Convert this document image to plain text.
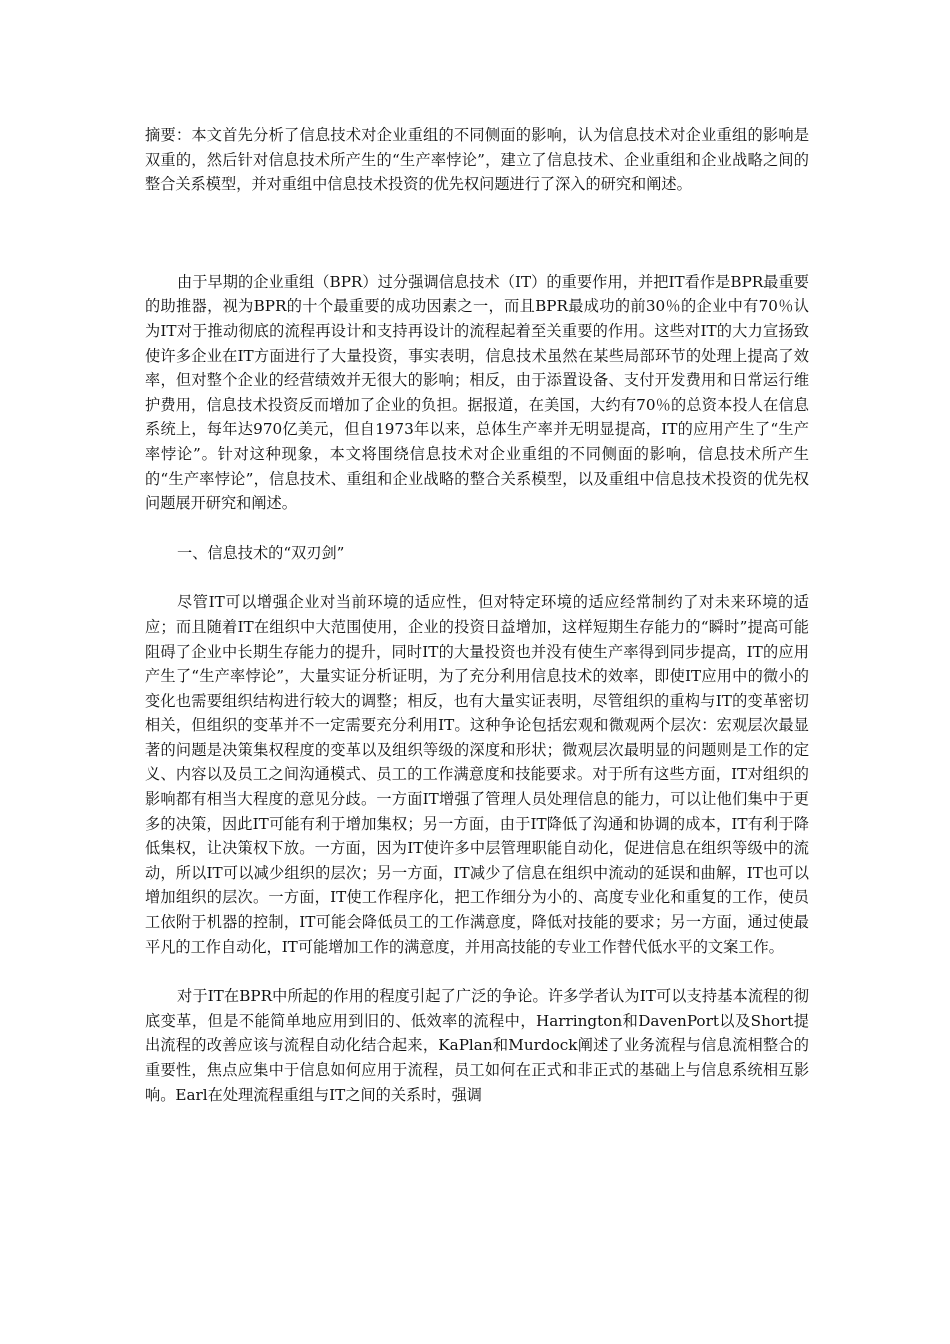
摘要：本文首先分析了信息技术对企业重组的不同侧面的影响，认为信息技术对企业重组的影响是双重的，然后针对信息技术所产生的“生产率悖论”，建立了信息技术、企业重组和企业战略之间的整合关系模型，并对重组中信息技术投资的优先权问题进行了深入的研究和阐述。

由于早期的企业重组（BPR）过分强调信息技术（IT）的重要作用，并把IT看作是BPR最重要的助推器，视为BPR的十个最重要的成功因素之一，而且BPR最成功的前30％的企业中有70％认为IT对于推动彻底的流程再设计和支持再设计的流程起着至关重要的作用。这些对IT的大力宣扬致使许多企业在IT方面进行了大量投资，事实表明，信息技术虽然在某些局部环节的处理上提高了效率，但对整个企业的经营绩效并无很大的影响；相反，由于添置设备、支付开发费用和日常运行维护费用，信息技术投资反而增加了企业的负担。据报道，在美国，大约有70％的总资本投人在信息系统上，每年达970亿美元，但自1973年以来，总体生产率并无明显提高，IT的应用产生了“生产率悖论”。针对这种现象，本文将围绕信息技术对企业重组的不同侧面的影响，信息技术所产生的“生产率悖论”，信息技术、重组和企业战略的整合关系模型，以及重组中信息技术投资的优先权问题展开研究和阐述。

一、信息技术的“双刃剑”

尽管IT可以增强企业对当前环境的适应性，但对特定环境的适应经常制约了对未来环境的适应；而且随着IT在组织中大范围使用，企业的投资日益增加，这样短期生存能力的“瞬时”提高可能阻碍了企业中长期生存能力的提升，同时IT的大量投资也并没有使生产率得到同步提高，IT的应用产生了“生产率悖论”，大量实证分析证明，为了充分利用信息技术的效率，即使IT应用中的微小的变化也需要组织结构进行较大的调整；相反，也有大量实证表明，尽管组织的重构与IT的变革密切相关，但组织的变革并不一定需要充分利用IT。这种争论包括宏观和微观两个层次：宏观层次最显著的问题是决策集权程度的变革以及组织等级的深度和形状；微观层次最明显的问题则是工作的定义、内容以及员工之间沟通模式、员工的工作满意度和技能要求。对于所有这些方面，IT对组织的影响都有相当大程度的意见分歧。一方面IT增强了管理人员处理信息的能力，可以让他们集中于更多的决策，因此IT可能有利于增加集权；另一方面，由于IT降低了沟通和协调的成本，IT有利于降低集权，让决策权下放。一方面，因为IT使许多中层管理职能自动化，促进信息在组织等级中的流动，所以IT可以减少组织的层次；另一方面，IT减少了信息在组织中流动的延误和曲解，IT也可以增加组织的层次。一方面，IT使工作程序化，把工作细分为小的、高度专业化和重复的工作，使员工依附于机器的控制，IT可能会降低员工的工作满意度，降低对技能的要求；另一方面，通过使最平凡的工作自动化，IT可能增加工作的满意度，并用高技能的专业工作替代低水平的文案工作。

对于IT在BPR中所起的作用的程度引起了广泛的争论。许多学者认为IT可以支持基本流程的彻底变革，但是不能简单地应用到旧的、低效率的流程中，Harrington和DavenPort以及Short提出流程的改善应该与流程自动化结合起来，KaPlan和Murdock阐述了业务流程与信息流相整合的重要性，焦点应集中于信息如何应用于流程，员工如何在正式和非正式的基础上与信息系统相互影响。Earl在处理流程重组与IT之间的关系时，强调
